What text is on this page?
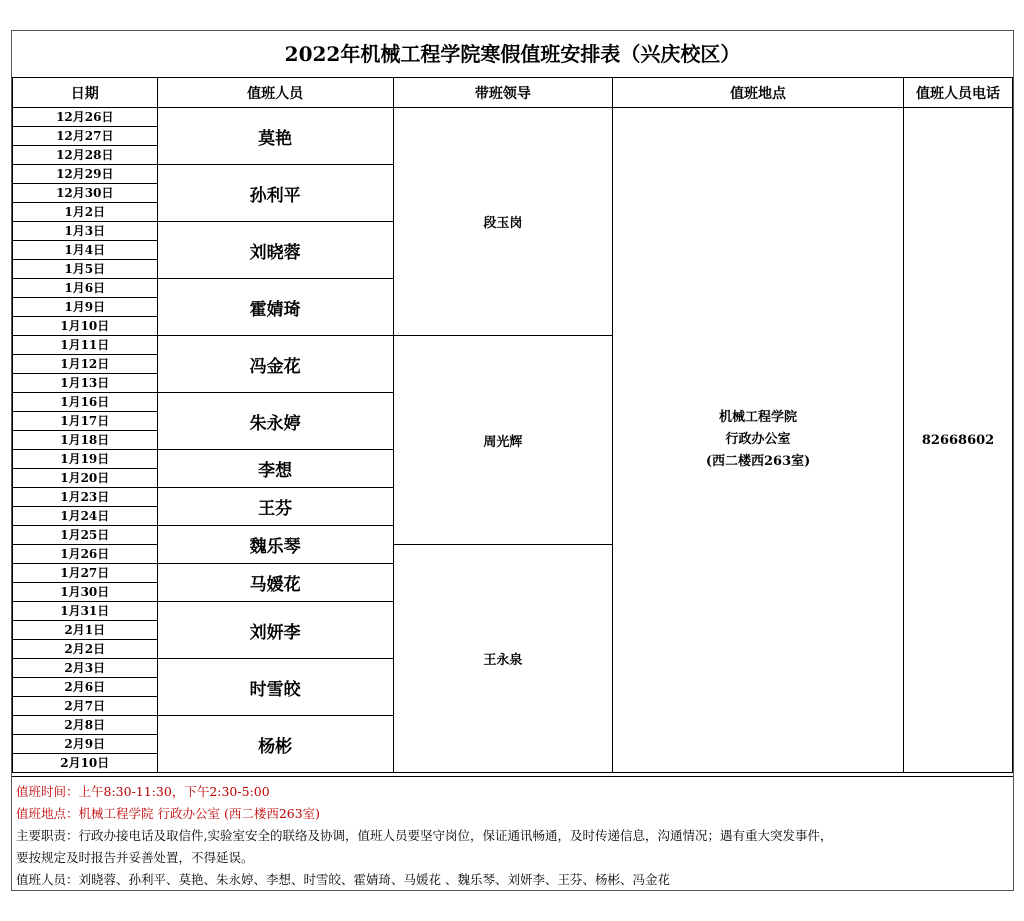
2022年机械工程学院寒假值班安排表（兴庆校区）
日期	值班人员	带班领导	值班地点	值班人员电话
12月26日	莫艳	段玉岗	机械工程学院
行政办公室
(西二楼西263室)	82668602
12月27日				
12月28日				
12月29日	孙利平			
12月30日				
1月2日				
1月3日	刘晓蓉			
1月4日				
1月5日				
1月6日	霍婧琦			
1月9日				
1月10日				
1月11日	冯金花	周光辉		
1月12日				
1月13日				
1月16日	朱永婷			
1月17日				
1月18日				
1月19日	李想			
1月20日				
1月23日	王芬			
1月24日				
1月25日	魏乐琴			
1月26日		王永泉		
1月27日	马媛花			
1月30日				
1月31日	刘妍李			
2月1日				
2月2日				
2月3日	时雪皎			
2月6日				
2月7日				
2月8日	杨彬			
2月9日				
2月10日				
值班时间：上午8:30-11:30，下午2:30-5:00
值班地点：机械工程学院 行政办公室 (西二楼西263室)
主要职责：行政办接电话及取信件,实验室安全的联络及协调，值班人员要坚守岗位，保证通讯畅通，及时传递信息，沟通情况；遇有重大突发事件，
要按规定及时报告并妥善处置，不得延误。
值班人员：刘晓蓉、孙利平、莫艳、朱永婷、李想、时雪皎、霍婧琦、马媛花 、魏乐琴、刘妍李、王芬、杨彬、冯金花
